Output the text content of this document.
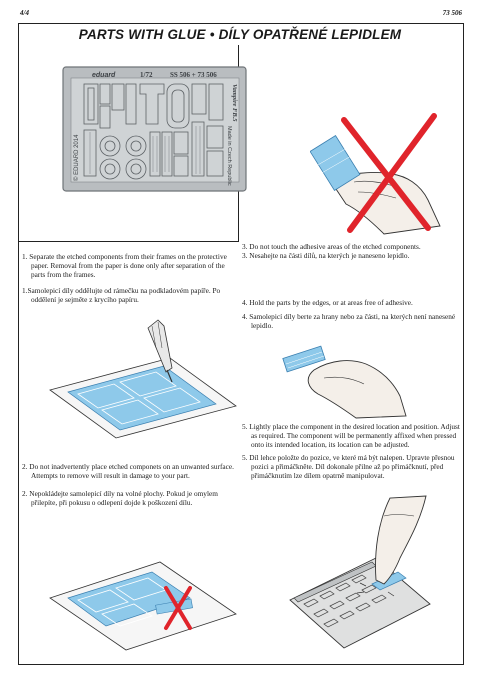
4/4	73 506
PARTS WITH GLUE • DÍLY OPATŘENÉ LEPIDLEM
eduard	1/72	SS 506 + 73 506
Vampire FB.5
Made in Czech Republic
© EDUARD 2014
1. Separate the etched components from their frames on the protective paper. Removal from the paper is done only after separation of the parts from the frames.
1.Samolepicí díly oddělujte od rámečku na podkladovém papíře. Po oddělení je sejměte z krycího papíru.
2. Do not inadvertently place etched componets on an unwanted surface. Attempts to remove will result in damage to your part.
2. Nepokládejte samolepicí díly na volné plochy. Pokud je omylem přilepíte, při pokusu o odlepení dojde k poškození dílu.
3. Do not touch the adhesive areas of the etched components.
3. Nesahejte na části dílů, na kterých je naneseno lepidlo.
4. Hold the parts by the edges, or at areas free of adhesive.
4. Samolepicí díly berte za hrany nebo za části, na kterých není nanesené lepidlo.
5. Lightly place the component in the desired location and position. Adjust as required. The component will be permanently affixed when pressed onto its intended location, its location can be adjusted.
5. Díl lehce položte do pozice, ve které má být nalepen. Upravte přesnou pozici a přimáčkněte. Díl dokonale přilne až po přimáčknutí, před přimáčknutím lze dílem opatrně manipulovat.
